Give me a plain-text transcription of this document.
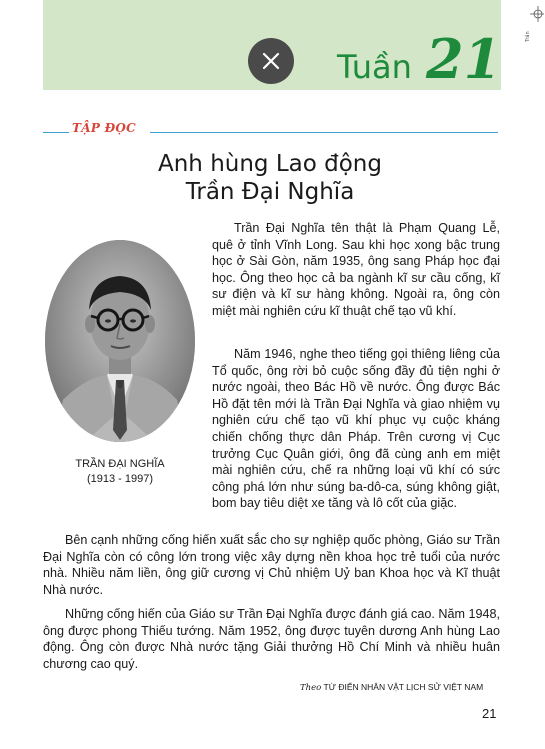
Tuần 21	Trần
TẬP ĐỌC
Anh hùng Lao động
Trần Đại Nghĩa
TRẦN ĐẠI NGHĨA
(1913 - 1997)

Trần Đại Nghĩa tên thật là Phạm Quang Lễ, quê ở tỉnh Vĩnh Long. Sau khi học xong bậc trung học ở Sài Gòn, năm 1935, ông sang Pháp học đại học. Ông theo học cả ba ngành kĩ sư cầu cống, kĩ sư điện và kĩ sư hàng không. Ngoài ra, ông còn miệt mài nghiên cứu kĩ thuật chế tạo vũ khí.

Năm 1946, nghe theo tiếng gọi thiêng liêng của Tổ quốc, ông rời bỏ cuộc sống đầy đủ tiện nghi ở nước ngoài, theo Bác Hồ về nước. Ông được Bác Hồ đặt tên mới là Trần Đại Nghĩa và giao nhiệm vụ nghiên cứu chế tạo vũ khí phục vụ cuộc kháng chiến chống thực dân Pháp. Trên cương vị Cục trưởng Cục Quân giới, ông đã cùng anh em miệt mài nghiên cứu, chế ra những loại vũ khí có sức công phá lớn như súng ba-dô-ca, súng không giật, bom bay tiêu diệt xe tăng và lô cốt của giặc.

Bên cạnh những cống hiến xuất sắc cho sự nghiệp quốc phòng, Giáo sư Trần Đại Nghĩa còn có công lớn trong việc xây dựng nền khoa học trẻ tuổi của nước nhà. Nhiều năm liền, ông giữ cương vị Chủ nhiệm Uỷ ban Khoa học và Kĩ thuật Nhà nước.

Những cống hiến của Giáo sư Trần Đại Nghĩa được đánh giá cao. Năm 1948, ông được phong Thiếu tướng. Năm 1952, ông được tuyên dương Anh hùng Lao động. Ông còn được Nhà nước tặng Giải thưởng Hồ Chí Minh và nhiều huân chương cao quý.

Theo TỪ ĐIỂN NHÂN VẬT LỊCH SỬ VIỆT NAM
21
